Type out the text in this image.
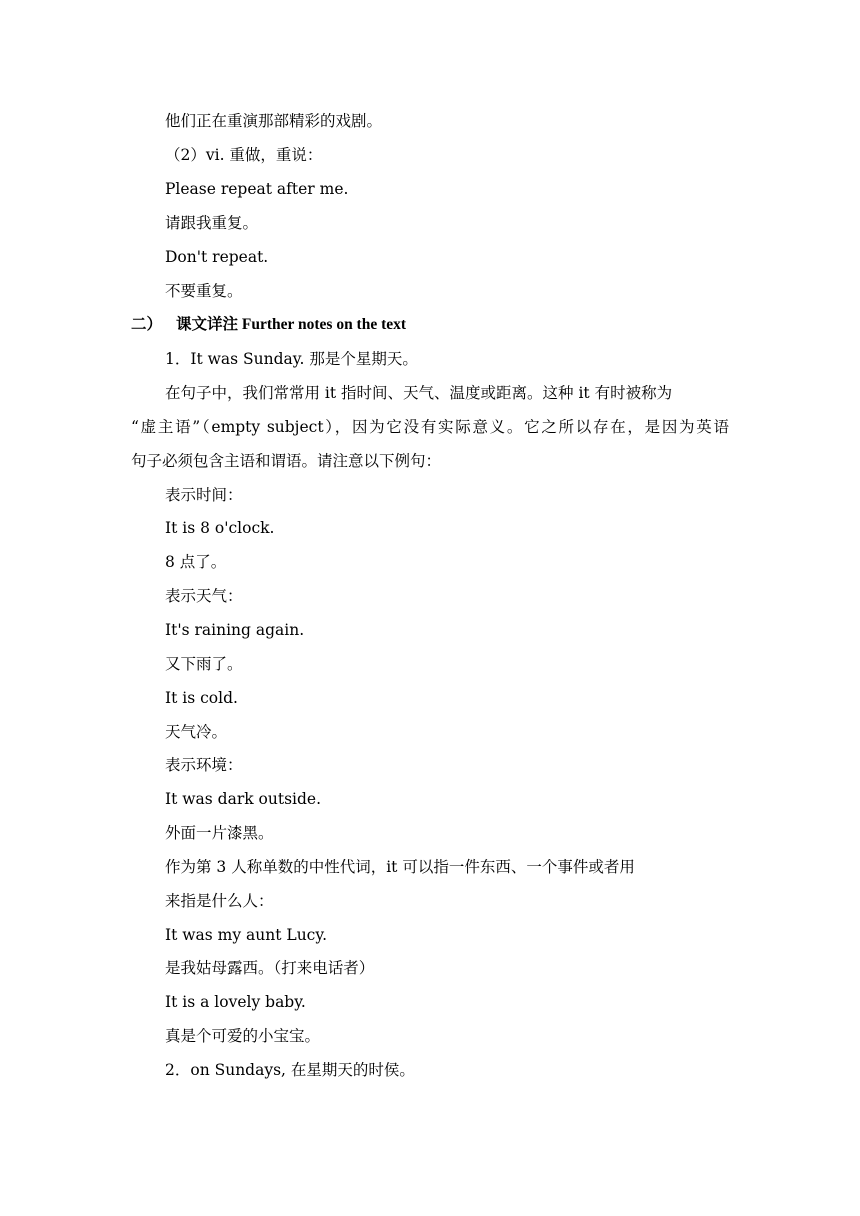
他们正在重演那部精彩的戏剧。
（2）vi. 重做，重说：
Please repeat after me.
请跟我重复。
Don't repeat.
不要重复。
二） 课文详注 Further notes on the text
1．It was Sunday. 那是个星期天。
在句子中，我们常常用 it 指时间、天气、温度或距离。这种 it 有时被称为
“虚主语”（empty subject），因为它没有实际意义。它之所以存在，是因为英语
句子必须包含主语和谓语。请注意以下例句：
表示时间：
It is 8 o'clock.
8 点了。
表示天气：
It's raining again.
又下雨了。
It is cold.
天气冷。
表示环境：
It was dark outside.
外面一片漆黑。
作为第 3 人称单数的中性代词，it 可以指一件东西、一个事件或者用
来指是什么人：
It was my aunt Lucy.
是我姑母露西。（打来电话者）
It is a lovely baby.
真是个可爱的小宝宝。
2．on Sundays, 在星期天的时侯。
